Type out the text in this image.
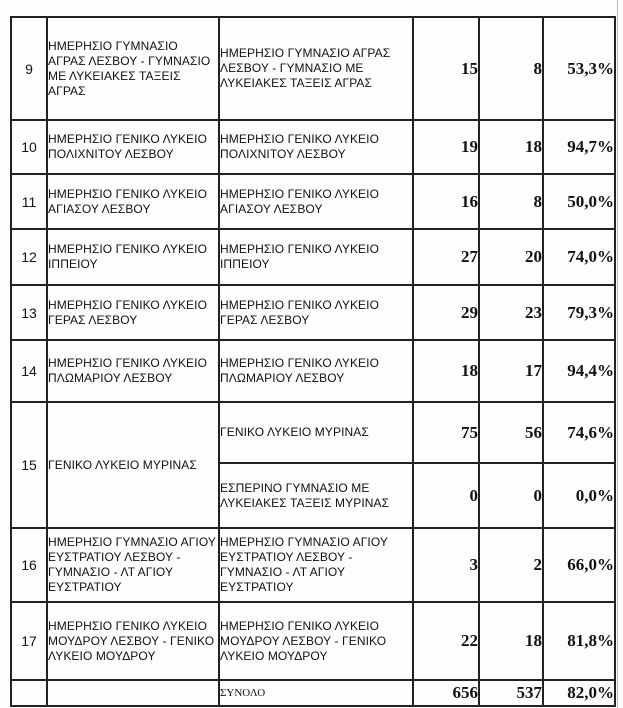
9	ΗΜΕΡΗΣΙΟ ΓΥΜΝΑΣΙΟ ΑΓΡΑΣ ΛΕΣΒΟΥ - ΓΥΜΝΑΣΙΟ ΜΕ ΛΥΚΕΙΑΚΕΣ ΤΑΞΕΙΣ ΑΓΡΑΣ	ΗΜΕΡΗΣΙΟ ΓΥΜΝΑΣΙΟ ΑΓΡΑΣ ΛΕΣΒΟΥ - ΓΥΜΝΑΣΙΟ ΜΕ ΛΥΚΕΙΑΚΕΣ ΤΑΞΕΙΣ ΑΓΡΑΣ	15	8	53,3%
10	ΗΜΕΡΗΣΙΟ ΓΕΝΙΚΟ ΛΥΚΕΙΟ ΠΟΛΙΧΝΙΤΟΥ ΛΕΣΒΟΥ	ΗΜΕΡΗΣΙΟ ΓΕΝΙΚΟ ΛΥΚΕΙΟ ΠΟΛΙΧΝΙΤΟΥ ΛΕΣΒΟΥ	19	18	94,7%
11	ΗΜΕΡΗΣΙΟ ΓΕΝΙΚΟ ΛΥΚΕΙΟ ΑΓΙΑΣΟΥ ΛΕΣΒΟΥ	ΗΜΕΡΗΣΙΟ ΓΕΝΙΚΟ ΛΥΚΕΙΟ ΑΓΙΑΣΟΥ ΛΕΣΒΟΥ	16	8	50,0%
12	ΗΜΕΡΗΣΙΟ ΓΕΝΙΚΟ ΛΥΚΕΙΟ ΙΠΠΕΙΟΥ	ΗΜΕΡΗΣΙΟ ΓΕΝΙΚΟ ΛΥΚΕΙΟ ΙΠΠΕΙΟΥ	27	20	74,0%
13	ΗΜΕΡΗΣΙΟ ΓΕΝΙΚΟ ΛΥΚΕΙΟ ΓΕΡΑΣ ΛΕΣΒΟΥ	ΗΜΕΡΗΣΙΟ ΓΕΝΙΚΟ ΛΥΚΕΙΟ ΓΕΡΑΣ ΛΕΣΒΟΥ	29	23	79,3%
14	ΗΜΕΡΗΣΙΟ ΓΕΝΙΚΟ ΛΥΚΕΙΟ ΠΛΩΜΑΡΙΟΥ ΛΕΣΒΟΥ	ΗΜΕΡΗΣΙΟ ΓΕΝΙΚΟ ΛΥΚΕΙΟ ΠΛΩΜΑΡΙΟΥ ΛΕΣΒΟΥ	18	17	94,4%
15	ΓΕΝΙΚΟ ΛΥΚΕΙΟ ΜΥΡΙΝΑΣ	ΓΕΝΙΚΟ ΛΥΚΕΙΟ ΜΥΡΙΝΑΣ	75	56	74,6%
		ΕΣΠΕΡΙΝΟ ΓΥΜΝΑΣΙΟ ΜΕ ΛΥΚΕΙΑΚΕΣ ΤΑΞΕΙΣ ΜΥΡΙΝΑΣ	0	0	0,0%
16	ΗΜΕΡΗΣΙΟ ΓΥΜΝΑΣΙΟ ΑΓΙΟΥ ΕΥΣΤΡΑΤΙΟΥ ΛΕΣΒΟΥ - ΓΥΜΝΑΣΙΟ - ΛΤ ΑΓΙΟΥ ΕΥΣΤΡΑΤΙΟΥ	ΗΜΕΡΗΣΙΟ ΓΥΜΝΑΣΙΟ ΑΓΙΟΥ ΕΥΣΤΡΑΤΙΟΥ ΛΕΣΒΟΥ - ΓΥΜΝΑΣΙΟ - ΛΤ ΑΓΙΟΥ ΕΥΣΤΡΑΤΙΟΥ	3	2	66,0%
17	ΗΜΕΡΗΣΙΟ ΓΕΝΙΚΟ ΛΥΚΕΙΟ ΜΟΥΔΡΟΥ ΛΕΣΒΟΥ - ΓΕΝΙΚΟ ΛΥΚΕΙΟ ΜΟΥΔΡΟΥ	ΗΜΕΡΗΣΙΟ ΓΕΝΙΚΟ ΛΥΚΕΙΟ ΜΟΥΔΡΟΥ ΛΕΣΒΟΥ - ΓΕΝΙΚΟ ΛΥΚΕΙΟ ΜΟΥΔΡΟΥ	22	18	81,8%
		ΣΥΝΟΛΟ	656	537	82,0%
